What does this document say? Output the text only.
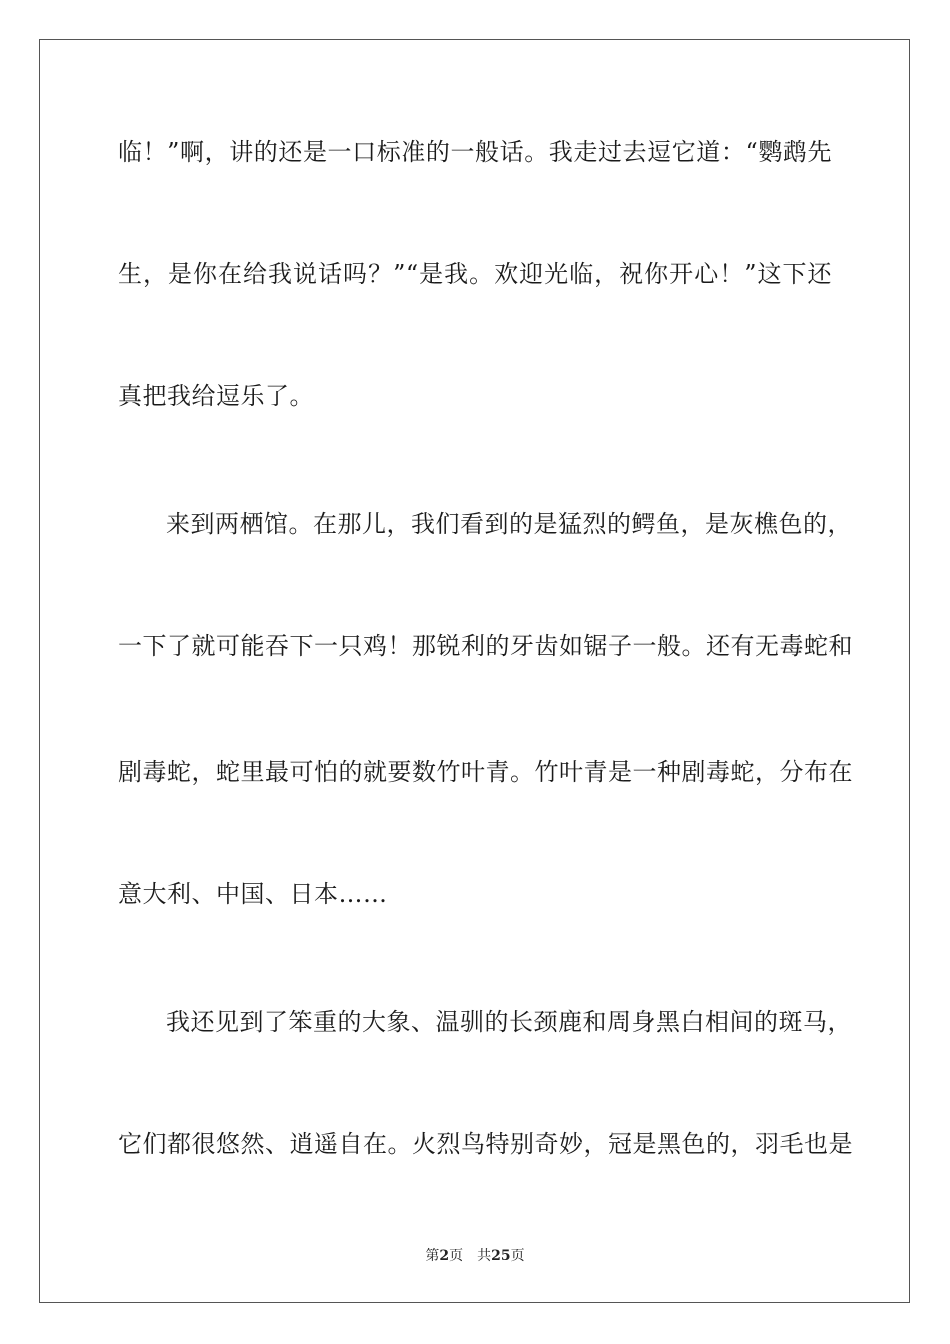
临！”啊，讲的还是一口标准的一般话。我走过去逗它道：“鹦鹉先
生，是你在给我说话吗？”“是我。欢迎光临，祝你开心！”这下还
真把我给逗乐了。
来到两栖馆。在那儿，我们看到的是猛烈的鳄鱼，是灰樵色的，
一下了就可能吞下一只鸡！那锐利的牙齿如锯子一般。还有无毒蛇和
剧毒蛇，蛇里最可怕的就要数竹叶青。竹叶青是一种剧毒蛇，分布在
意大利、中国、日本……
我还见到了笨重的大象、温驯的长颈鹿和周身黑白相间的斑马，
它们都很悠然、逍遥自在。火烈鸟特别奇妙，冠是黑色的，羽毛也是
第2页 共25页
